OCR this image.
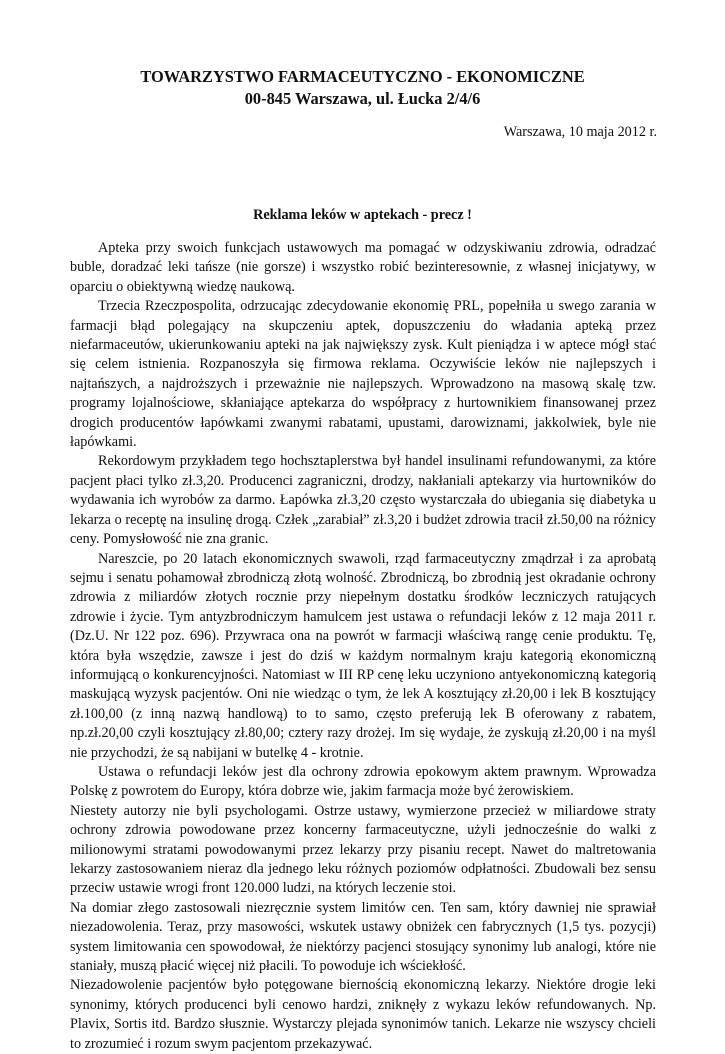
TOWARZYSTWO FARMACEUTYCZNO - EKONOMICZNE
00-845 Warszawa, ul. Łucka 2/4/6
Warszawa, 10 maja 2012 r.
Reklama leków w aptekach - precz !

Apteka przy swoich funkcjach ustawowych ma pomagać w odzyskiwaniu zdrowia, odradzać buble, doradzać leki tańsze (nie gorsze) i wszystko robić bezinteresownie, z własnej inicjatywy, w oparciu o obiektywną wiedzę naukową.

Trzecia Rzeczpospolita, odrzucając zdecydowanie ekonomię PRL, popełniła u swego zarania w farmacji błąd polegający na skupczeniu aptek, dopuszczeniu do władania apteką przez niefarmaceutów, ukierunkowaniu apteki na jak największy zysk. Kult pieniądza i w aptece mógł stać się celem istnienia. Rozpanoszyła się firmowa reklama. Oczywiście leków nie najlepszych i najtańszych, a najdroższych i przeważnie nie najlepszych. Wprowadzono na masową skalę tzw. programy lojalnościowe, skłaniające aptekarza do współpracy z hurtownikiem finansowanej przez drogich producentów łapówkami zwanymi rabatami, upustami, darowiznami, jakkolwiek, byle nie łapówkami.

Rekordowym przykładem tego hochsztaplerstwa był handel insulinami refundowanymi, za które pacjent płaci tylko zł.3,20. Producenci zagraniczni, drodzy, nakłaniali aptekarzy via hurtowników do wydawania ich wyrobów za darmo. Łapówka zł.3,20 często wystarczała do ubiegania się diabetyka u lekarza o receptę na insulinę drogą. Człek „zarabiał” zł.3,20 i budżet zdrowia tracił zł.50,00 na różnicy ceny. Pomysłowość nie zna granic.

Nareszcie, po 20 latach ekonomicznych swawoli, rząd farmaceutyczny zmądrzał i za aprobatą sejmu i senatu pohamował zbrodniczą złotą wolność. Zbrodniczą, bo zbrodnią jest okradanie ochrony zdrowia z miliardów złotych rocznie przy niepełnym dostatku środków leczniczych ratujących zdrowie i życie. Tym antyzbrodniczym hamulcem jest ustawa o refundacji leków z 12 maja 2011 r. (Dz.U. Nr 122 poz. 696). Przywraca ona na powrót w farmacji właściwą rangę cenie produktu. Tę, która była wszędzie, zawsze i jest do dziś w każdym normalnym kraju kategorią ekonomiczną informującą o konkurencyjności. Natomiast w III RP cenę leku uczyniono antyekonomiczną kategorią maskującą wyzysk pacjentów. Oni nie wiedząc o tym, że lek A kosztujący zł.20,00 i lek B kosztujący zł.100,00 (z inną nazwą handlową) to to samo, często preferują lek B oferowany z rabatem, np.zł.20,00 czyli kosztujący zł.80,00; cztery razy drożej. Im się wydaje, że zyskują zł.20,00 i na myśl nie przychodzi, że są nabijani w butelkę 4 - krotnie.

Ustawa o refundacji leków jest dla ochrony zdrowia epokowym aktem prawnym. Wprowadza Polskę z powrotem do Europy, która dobrze wie, jakim farmacja może być żerowiskiem.

Niestety autorzy nie byli psychologami. Ostrze ustawy, wymierzone przecież w miliardowe straty ochrony zdrowia powodowane przez koncerny farmaceutyczne, użyli jednocześnie do walki z milionowymi stratami powodowanymi przez lekarzy przy pisaniu recept. Nawet do maltretowania lekarzy zastosowaniem nieraz dla jednego leku różnych poziomów odpłatności. Zbudowali bez sensu przeciw ustawie wrogi front 120.000 ludzi, na których leczenie stoi.

Na domiar złego zastosowali niezręcznie system limitów cen. Ten sam, który dawniej nie sprawiał niezadowolenia. Teraz, przy masowości, wskutek ustawy obniżek cen fabrycznych (1,5 tys. pozycji) system limitowania cen spowodował, że niektórzy pacjenci stosujący synonimy lub analogi, które nie staniały, muszą płacić więcej niż płacili. To powoduje ich wściekłość.

Niezadowolenie pacjentów było potęgowane biernością ekonomiczną lekarzy. Niektóre drogie leki synonimy, których producenci byli cenowo hardzi, zniknęły z wykazu leków refundowanych. Np. Plavix, Sortis itd. Bardzo słusznie. Wystarczy plejada synonimów tanich. Lekarze nie wszyscy chcieli to zrozumieć i rozum swym pacjentom przekazywać.
